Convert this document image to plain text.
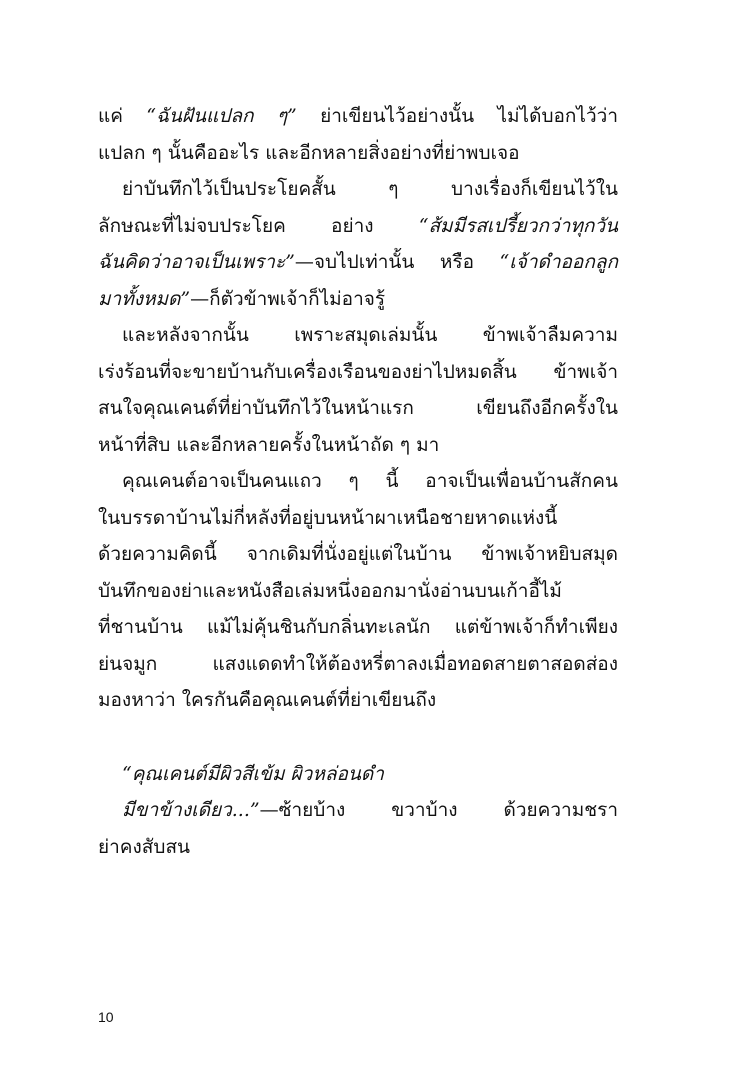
แค่ “ฉันฝันแปลก ๆ” ย่าเขียนไว้อย่างนั้น ไม่ได้บอกไว้ว่า
แปลก ๆ นั้นคืออะไร และอีกหลายสิ่งอย่างที่ย่าพบเจอ
ย่าบันทึกไว้เป็นประโยคสั้น ๆ บางเรื่องก็เขียนไว้ใน
ลักษณะที่ไม่จบประโยค อย่าง “ส้มมีรสเปรี้ยวกว่าทุกวัน
ฉันคิดว่าอาจเป็นเพราะ”—จบไปเท่านั้น หรือ “เจ้าดำออกลูก
มาทั้งหมด”—ก็ตัวข้าพเจ้าก็ไม่อาจรู้
และหลังจากนั้น เพราะสมุดเล่มนั้น ข้าพเจ้าลืมความ
เร่งร้อนที่จะขายบ้านกับเครื่องเรือนของย่าไปหมดสิ้น ข้าพเจ้า
สนใจคุณเคนต์ที่ย่าบันทึกไว้ในหน้าแรก เขียนถึงอีกครั้งใน
หน้าที่สิบ และอีกหลายครั้งในหน้าถัด ๆ มา
คุณเคนต์อาจเป็นคนแถว ๆ นี้ อาจเป็นเพื่อนบ้านสักคน
ในบรรดาบ้านไม่กี่หลังที่อยู่บนหน้าผาเหนือชายหาดแห่งนี้
ด้วยความคิดนี้ จากเดิมที่นั่งอยู่แต่ในบ้าน ข้าพเจ้าหยิบสมุด
บันทึกของย่าและหนังสือเล่มหนึ่งออกมานั่งอ่านบนเก้าอี้ไม้
ที่ชานบ้าน แม้ไม่คุ้นชินกับกลิ่นทะเลนัก แต่ข้าพเจ้าก็ทำเพียง
ย่นจมูก แสงแดดทำให้ต้องหรี่ตาลงเมื่อทอดสายตาสอดส่อง
มองหาว่า ใครกันคือคุณเคนต์ที่ย่าเขียนถึง
“คุณเคนต์มีผิวสีเข้ม ผิวหล่อนดำ
มีขาข้างเดียว...”—ซ้ายบ้าง ขวาบ้าง ด้วยความชรา
ย่าคงสับสน
10
